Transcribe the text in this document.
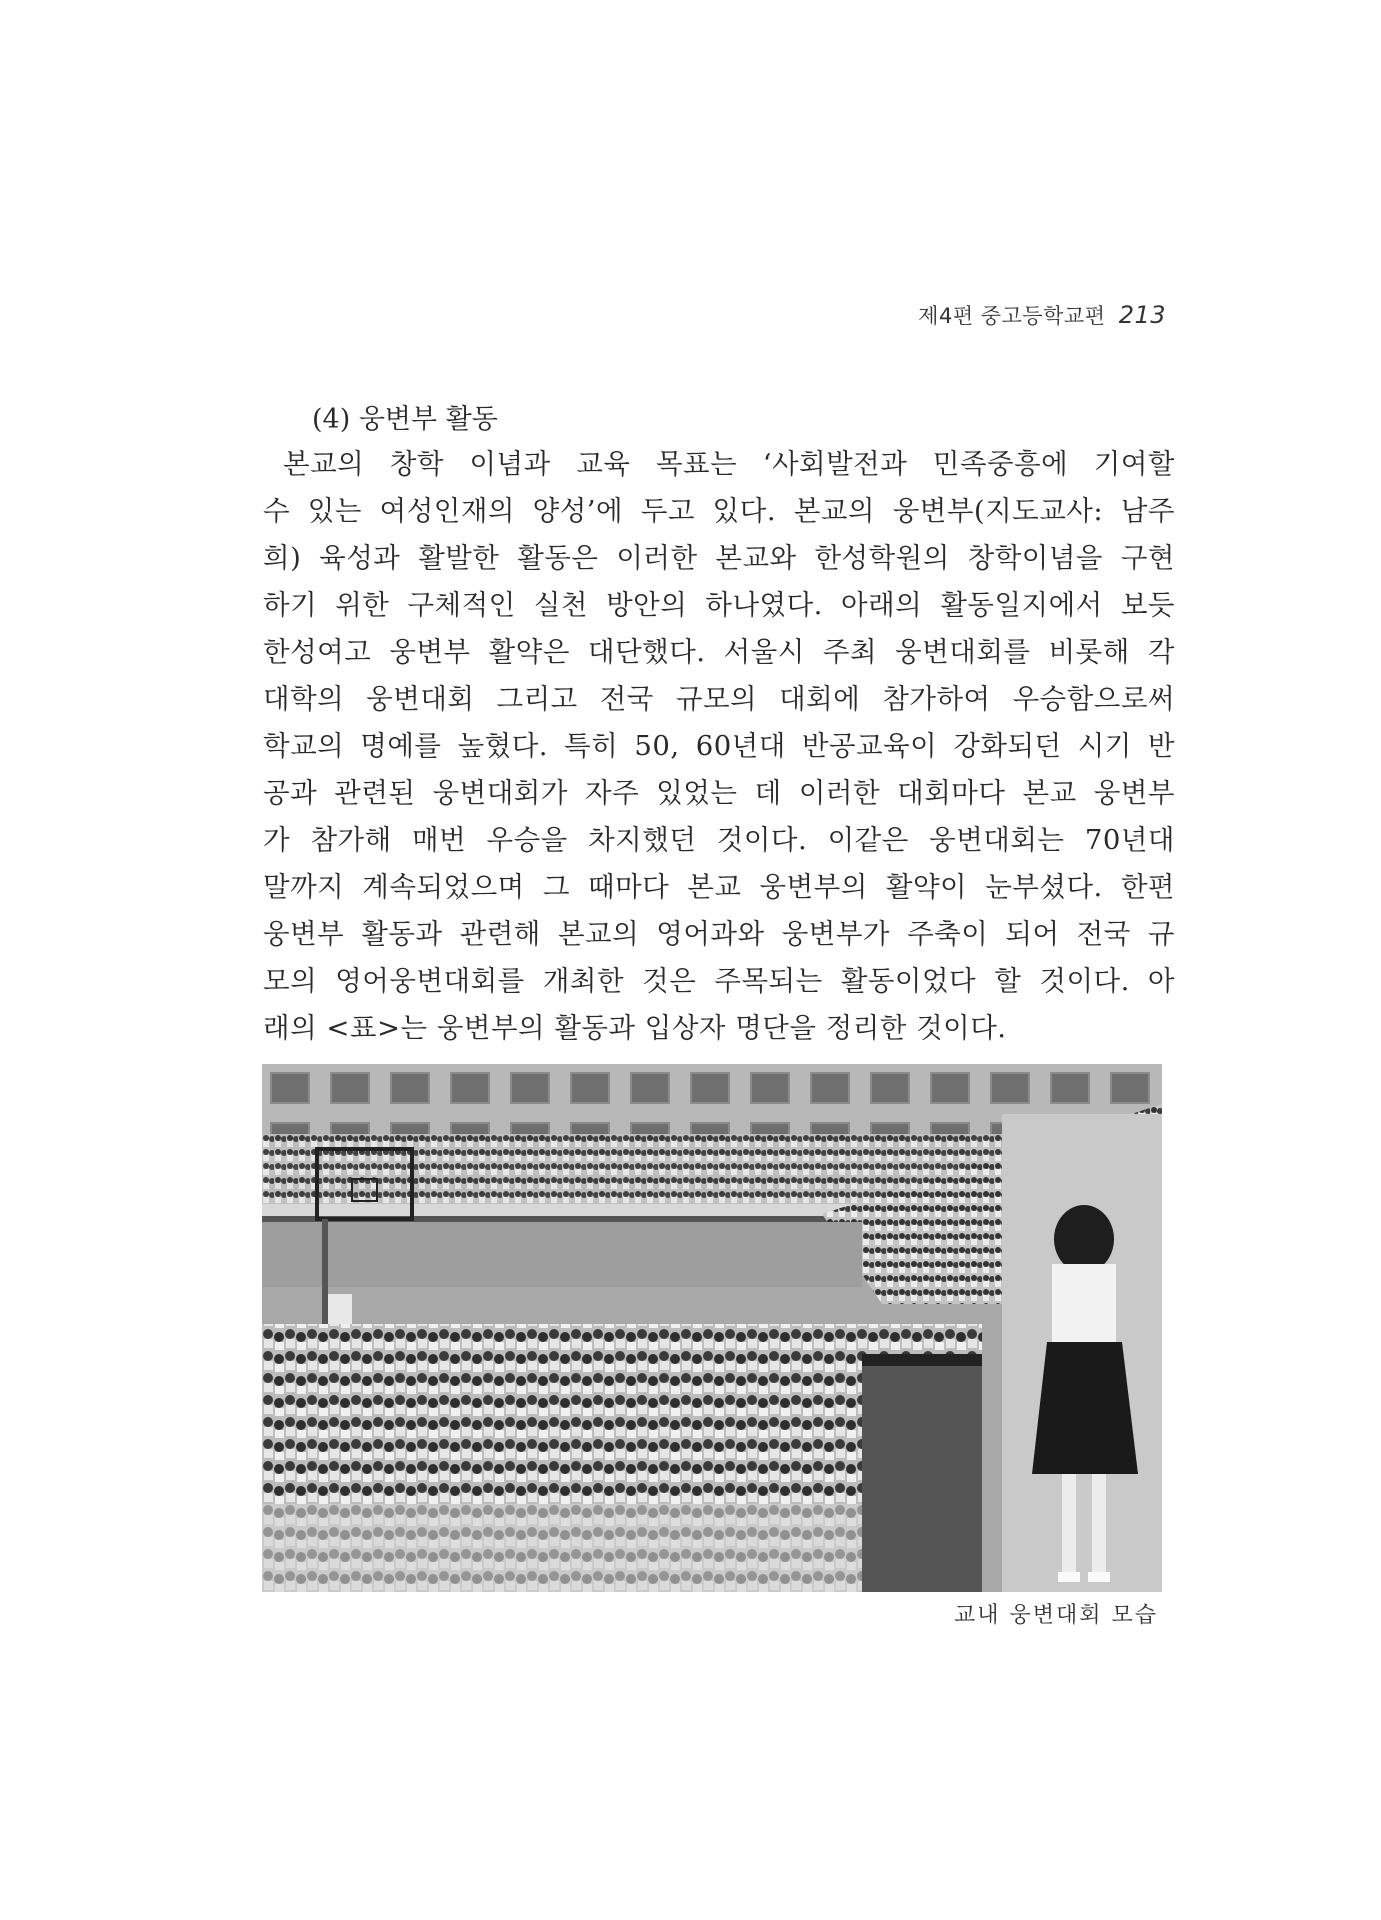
제4편 중고등학교편 213
(4) 웅변부 활동
본교의 창학 이념과 교육 목표는 ‘사회발전과 민족중흥에 기여할
수 있는 여성인재의 양성’에 두고 있다. 본교의 웅변부(지도교사: 남주
희) 육성과 활발한 활동은 이러한 본교와 한성학원의 창학이념을 구현
하기 위한 구체적인 실천 방안의 하나였다. 아래의 활동일지에서 보듯
한성여고 웅변부 활약은 대단했다. 서울시 주최 웅변대회를 비롯해 각
대학의 웅변대회 그리고 전국 규모의 대회에 참가하여 우승함으로써
학교의 명예를 높혔다. 특히 50, 60년대 반공교육이 강화되던 시기 반
공과 관련된 웅변대회가 자주 있었는 데 이러한 대회마다 본교 웅변부
가 참가해 매번 우승을 차지했던 것이다. 이같은 웅변대회는 70년대
말까지 계속되었으며 그 때마다 본교 웅변부의 활약이 눈부셨다. 한편
웅변부 활동과 관련해 본교의 영어과와 웅변부가 주축이 되어 전국 규
모의 영어웅변대회를 개최한 것은 주목되는 활동이었다 할 것이다. 아
래의 <표>는 웅변부의 활동과 입상자 명단을 정리한 것이다.
교내 웅변대회 모습
